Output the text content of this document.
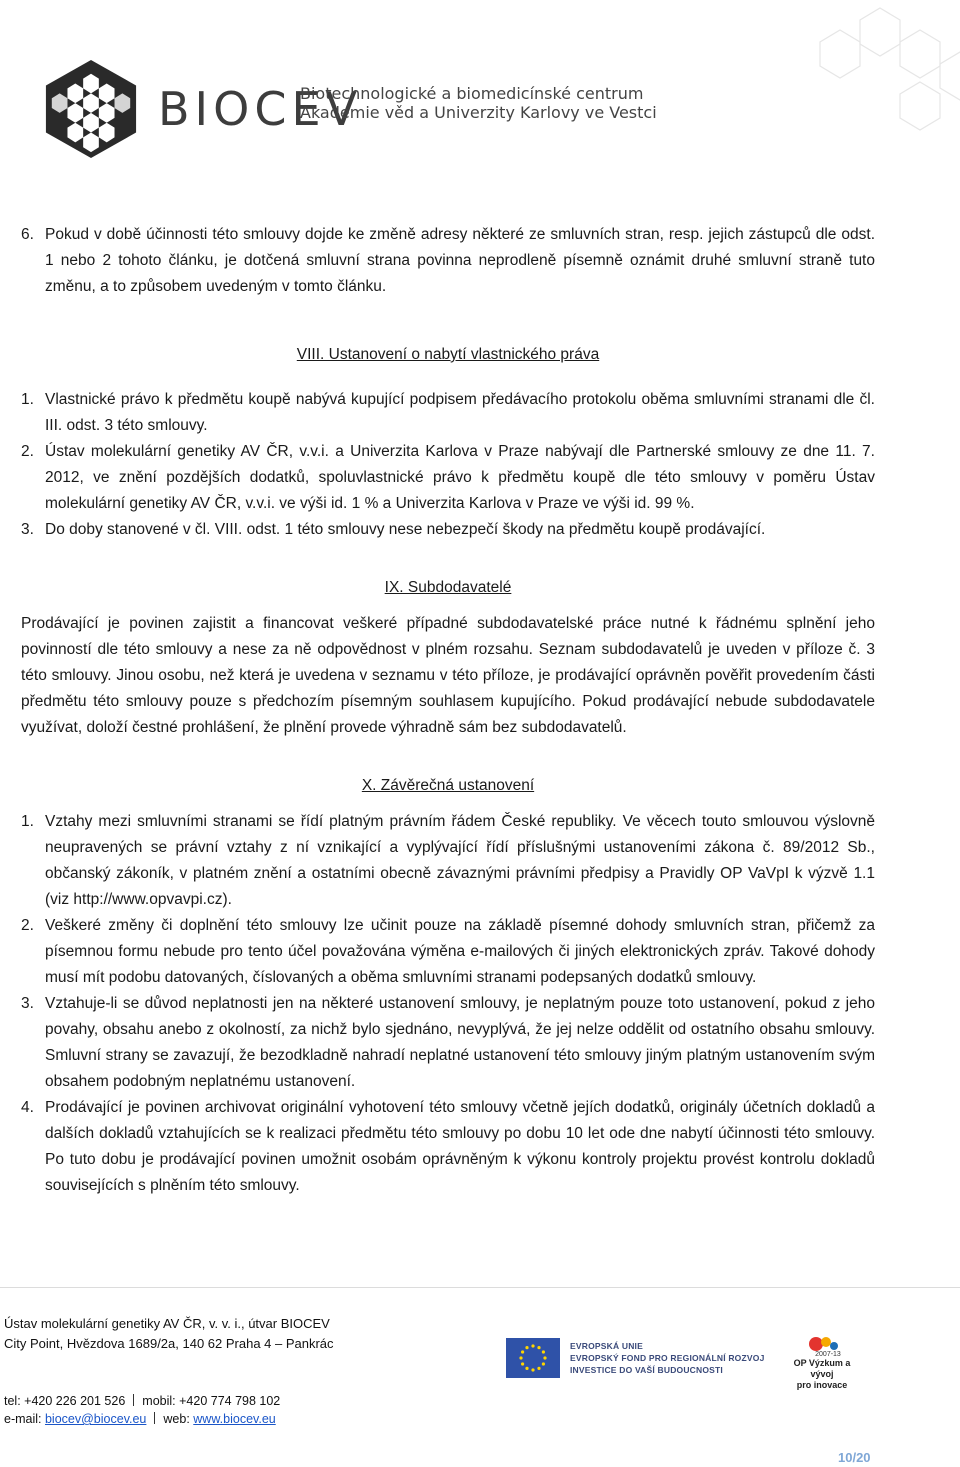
BIOCEV
Biotechnologické a biomedicínské centrum
Akademie věd a Univerzity Karlovy ve Vestci
6. Pokud v době účinnosti této smlouvy dojde ke změně adresy některé ze smluvních stran, resp. jejich zástupců dle odst. 1 nebo 2 tohoto článku, je dotčená smluvní strana povinna neprodleně písemně oznámit druhé smluvní straně tuto změnu, a to způsobem uvedeným v tomto článku.

VIII. Ustanovení o nabytí vlastnického práva

1. Vlastnické právo k předmětu koupě nabývá kupující podpisem předávacího protokolu oběma smluvními stranami dle čl. III. odst. 3 této smlouvy.
2. Ústav molekulární genetiky AV ČR, v.v.i. a Univerzita Karlova v Praze nabývají dle Partnerské smlouvy ze dne 11. 7. 2012, ve znění pozdějších dodatků, spoluvlastnické právo k předmětu koupě dle této smlouvy v poměru Ústav molekulární genetiky AV ČR, v.v.i. ve výši id. 1 % a Univerzita Karlova v Praze ve výši id. 99 %.
3. Do doby stanovené v čl. VIII. odst. 1 této smlouvy nese nebezpečí škody na předmětu koupě prodávající.

IX. Subdodavatelé

Prodávající je povinen zajistit a financovat veškeré případné subdodavatelské práce nutné k řádnému splnění jeho povinností dle této smlouvy a nese za ně odpovědnost v plném rozsahu. Seznam subdodavatelů je uveden v příloze č. 3 této smlouvy. Jinou osobu, než která je uvedena v seznamu v této příloze, je prodávající oprávněn pověřit provedením části předmětu této smlouvy pouze s předchozím písemným souhlasem kupujícího. Pokud prodávající nebude subdodavatele využívat, doloží čestné prohlášení, že plnění provede výhradně sám bez subdodavatelů.

X. Závěrečná ustanovení

1. Vztahy mezi smluvními stranami se řídí platným právním řádem České republiky. Ve věcech touto smlouvou výslovně neupravených se právní vztahy z ní vznikající a vyplývající řídí příslušnými ustanoveními zákona č. 89/2012 Sb., občanský zákoník, v platném znění a ostatními obecně závaznými právními předpisy a Pravidly OP VaVpI k výzvě 1.1 (viz http://www.opvavpi.cz).
2. Veškeré změny či doplnění této smlouvy lze učinit pouze na základě písemné dohody smluvních stran, přičemž za písemnou formu nebude pro tento účel považována výměna e-mailových či jiných elektronických zpráv. Takové dohody musí mít podobu datovaných, číslovaných a oběma smluvními stranami podepsaných dodatků smlouvy.
3. Vztahuje-li se důvod neplatnosti jen na některé ustanovení smlouvy, je neplatným pouze toto ustanovení, pokud z jeho povahy, obsahu anebo z okolností, za nichž bylo sjednáno, nevyplývá, že jej nelze oddělit od ostatního obsahu smlouvy. Smluvní strany se zavazují, že bezodkladně nahradí neplatné ustanovení této smlouvy jiným platným ustanovením svým obsahem podobným neplatnému ustanovení.
4. Prodávající je povinen archivovat originální vyhotovení této smlouvy včetně jejích dodatků, originály účetních dokladů a dalších dokladů vztahujících se k realizaci předmětu této smlouvy po dobu 10 let ode dne nabytí účinnosti této smlouvy. Po tuto dobu je prodávající povinen umožnit osobám oprávněným k výkonu kontroly projektu provést kontrolu dokladů souvisejících s plněním této smlouvy.
Ústav molekulární genetiky AV ČR, v. v. i., útvar BIOCEV
City Point, Hvězdova 1689/2a, 140 62 Praha 4 – Pankrác
tel: +420 226 201 526 mobil: +420 774 798 102
e-mail: biocev@biocev.eu web: www.biocev.eu
EVROPSKÁ UNIE
EVROPSKÝ FOND PRO REGIONÁLNÍ ROZVOJ
INVESTICE DO VAŠÍ BUDOUCNOSTI
2007-13
OP Výzkum a vývoj
pro inovace
10/20
